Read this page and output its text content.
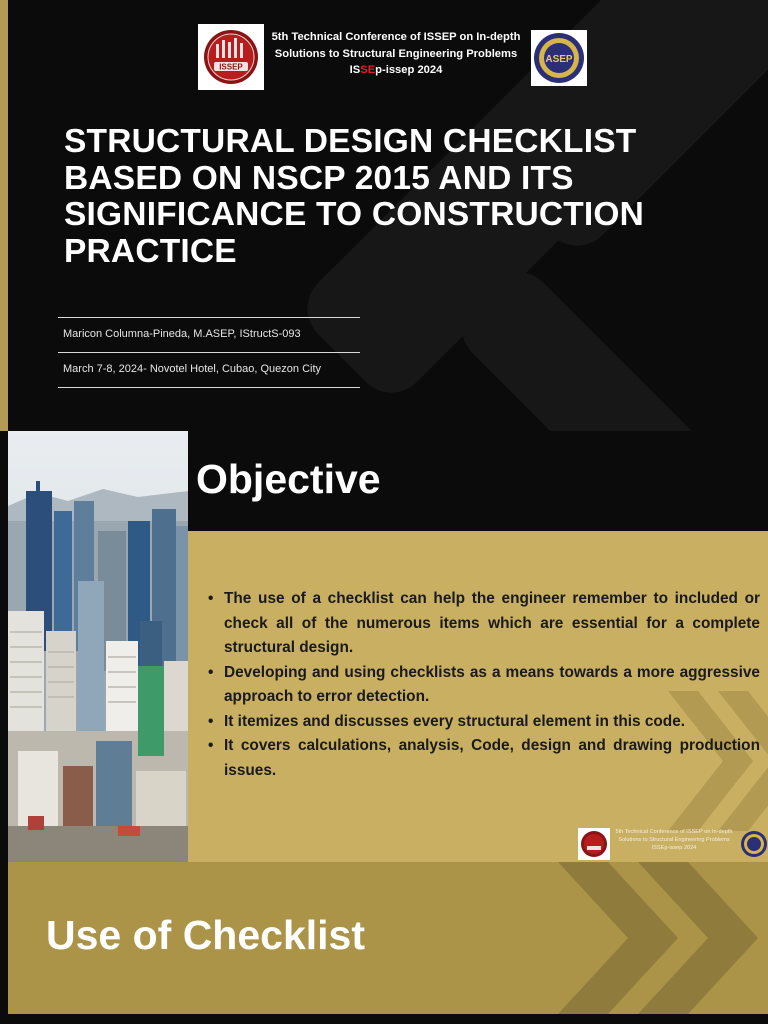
ISSEP
5th Technical Conference of ISSEP on In-depth
Solutions to Structural Engineering Problems
ISSEp-issep 2024
ASEP
STRUCTURAL DESIGN CHECKLIST
BASED ON NSCP 2015 AND ITS
SIGNIFICANCE TO CONSTRUCTION
PRACTICE
Maricon Columna-Pineda, M.ASEP, IStructS-093
March 7-8, 2024- Novotel Hotel, Cubao, Quezon City
Objective
• The use of a checklist can help the engineer remember to included or check all of the numerous items which are essential for a complete structural design.
• Developing and using checklists as a means towards a more aggressive approach to error detection.
• It itemizes and discusses every structural element in this code.
• It covers calculations, analysis, Code, design and drawing production issues.
5th Technical Conference of ISSEP on In-depth
Solutions to Structural Engineering Problems
ISSEp-issep 2024
Use of Checklist
